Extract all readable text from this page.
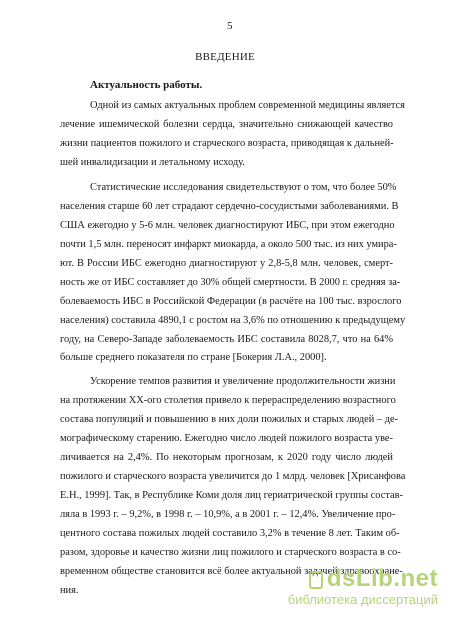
5
ВВЕДЕНИЕ
Актуальность работы.
Одной из самых актуальных проблем современной медицины является
лечение ишемической болезни сердца, значительно снижающей качество
жизни пациентов пожилого и старческого возраста, приводящая к дальней-
шей инвалидизации и летальному исходу.
Статистические исследования свидетельствуют о том, что более 50%
населения старше 60 лет страдают сердечно-сосудистыми заболеваниями. В
США ежегодно у 5-6 млн. человек диагностируют ИБС, при этом ежегодно
почти 1,5 млн. переносят инфаркт миокарда, а около 500 тыс. из них умира-
ют. В России ИБС ежегодно диагностируют у 2,8-5,8 млн. человек, смерт-
ность же от ИБС составляет до 30% общей смертности. В 2000 г. средняя за-
болеваемость ИБС в Российской Федерации (в расчёте на 100 тыс. взрослого
населения) составила 4890,1 с ростом на 3,6% по отношению к предыдущему
году, на Северо-Западе заболеваемость ИБС составила 8028,7, что на 64%
больше среднего показателя по стране [Бокерия Л.А., 2000].
Ускорение темпов развития и увеличение продолжительности жизни
на протяжении XX-ого столетия привело к перераспределению возрастного
состава популяций и повышению в них доли пожилых и старых людей – де-
мографическому старению. Ежегодно число людей пожилого возраста уве-
личивается на 2,4%. По некоторым прогнозам, к 2020 году число людей
пожилого и старческого возраста увеличится до 1 млрд. человек [Хрисанфова
Е.Н., 1999]. Так, в Республике Коми доля лиц гериатрической группы состав-
ляла в 1993 г. – 9,2%, в 1998 г. – 10,9%, а в 2001 г. – 12,4%. Увеличение про-
центного состава пожилых людей составило 3,2% в течение 8 лет. Таким об-
разом, здоровье и качество жизни лиц пожилого и старческого возраста в со-
временном обществе становится всё более актуальной задачей здравоохране-
ния.	dsLib.net
библиотека диссертаций
